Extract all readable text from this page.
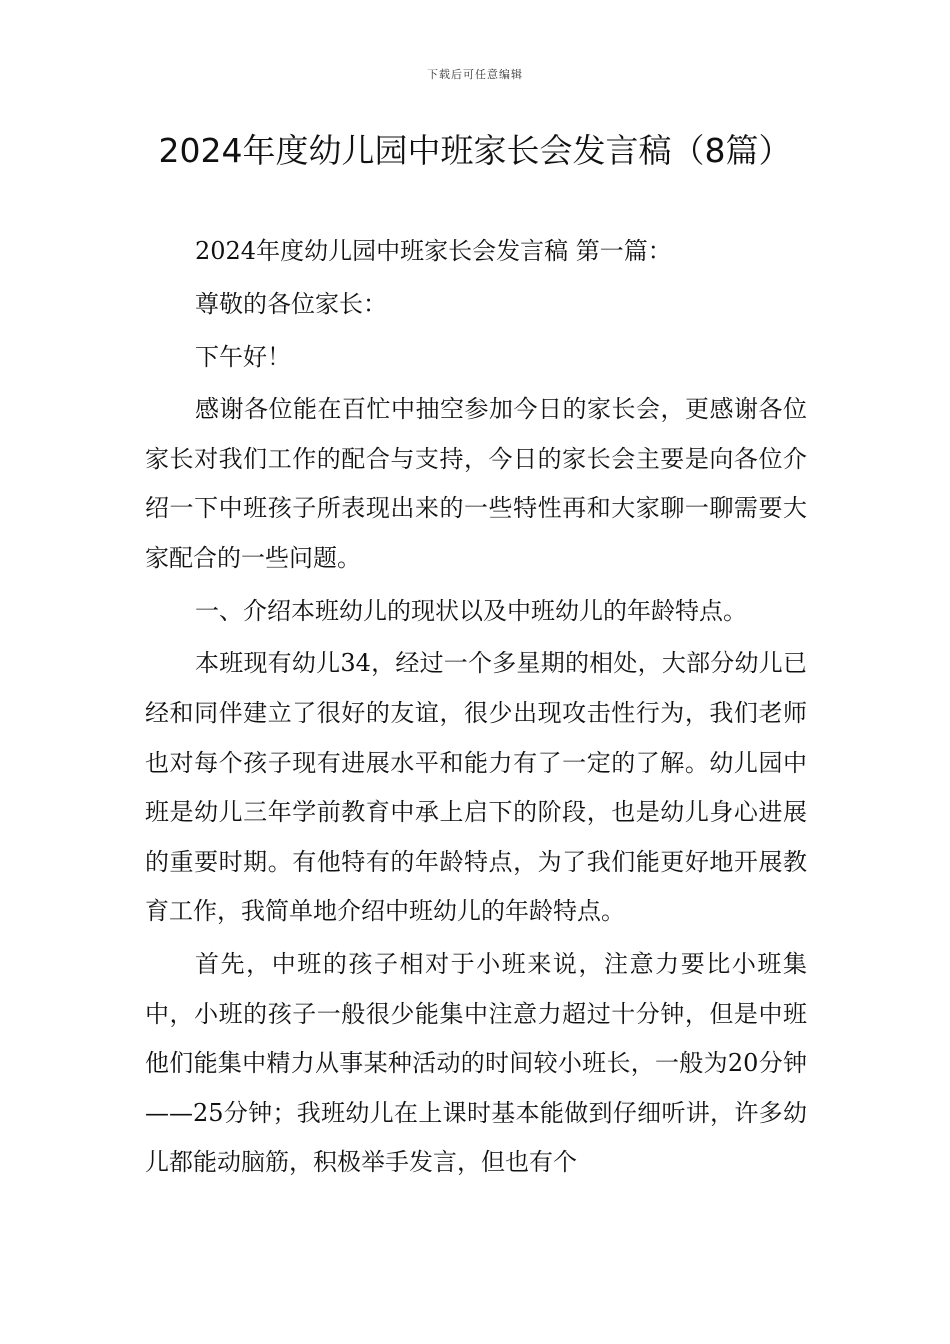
下载后可任意编辑
2024年度幼儿园中班家长会发言稿（8篇）

2024年度幼儿园中班家长会发言稿 第一篇：

尊敬的各位家长：

下午好！

感谢各位能在百忙中抽空参加今日的家长会，更感谢各位家长对我们工作的配合与支持，今日的家长会主要是向各位介绍一下中班孩子所表现出来的一些特性再和大家聊一聊需要大家配合的一些问题。

一、介绍本班幼儿的现状以及中班幼儿的年龄特点。

本班现有幼儿34，经过一个多星期的相处，大部分幼儿已经和同伴建立了很好的友谊，很少出现攻击性行为，我们老师也对每个孩子现有进展水平和能力有了一定的了解。幼儿园中班是幼儿三年学前教育中承上启下的阶段，也是幼儿身心进展的重要时期。有他特有的年龄特点，为了我们能更好地开展教育工作，我简单地介绍中班幼儿的年龄特点。

首先，中班的孩子相对于小班来说，注意力要比小班集中，小班的孩子一般很少能集中注意力超过十分钟，但是中班他们能集中精力从事某种活动的时间较小班长，一般为20分钟——25分钟；我班幼儿在上课时基本能做到仔细听讲，许多幼儿都能动脑筋，积极举手发言，但也有个
